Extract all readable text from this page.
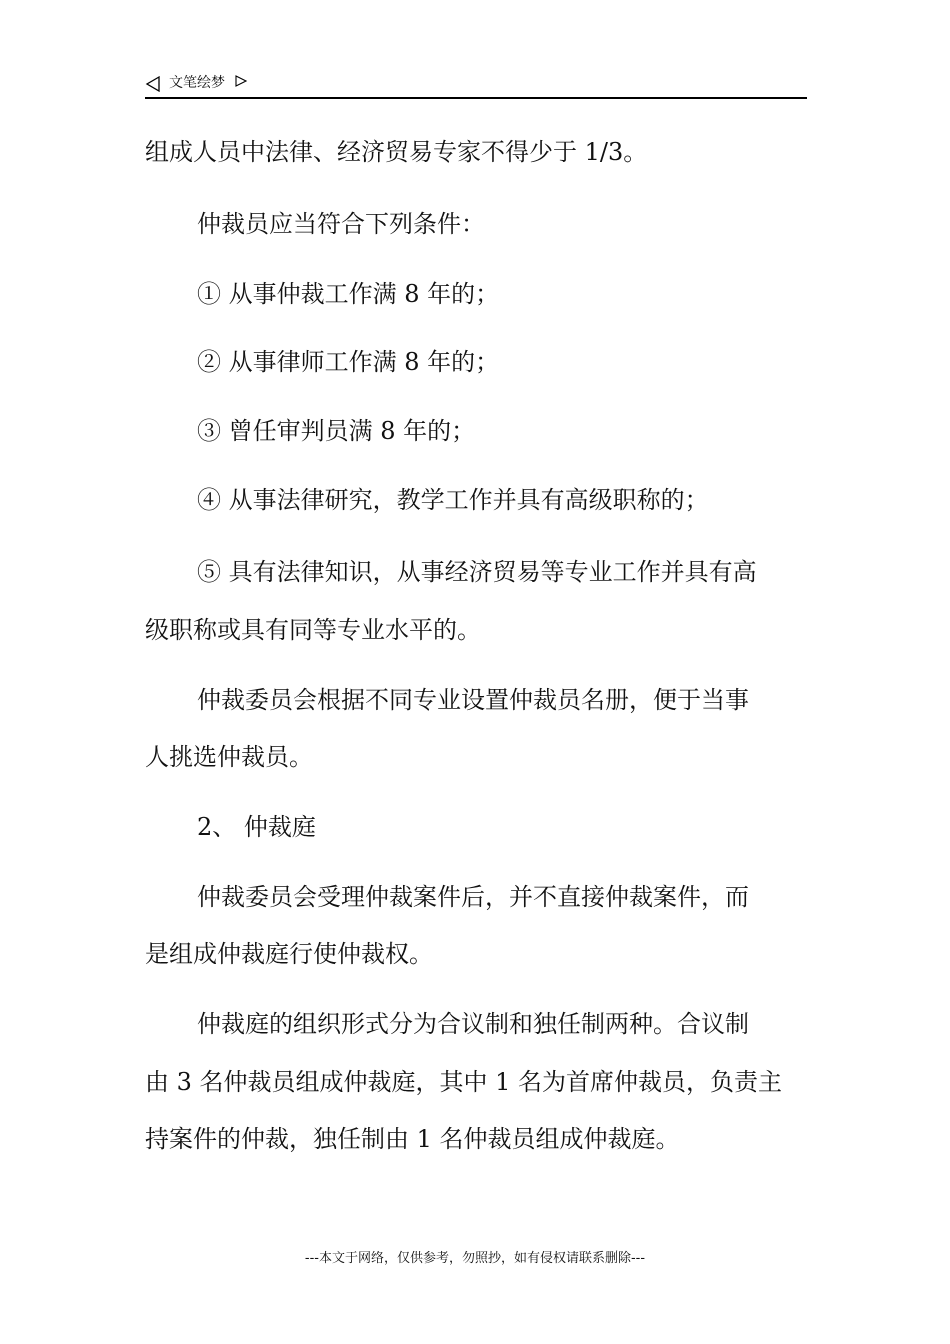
文笔绘梦
组成人员中法律、经济贸易专家不得少于 1/3。
仲裁员应当符合下列条件：
① 从事仲裁工作满 8 年的；
② 从事律师工作满 8 年的；
③ 曾任审判员满 8 年的；
④ 从事法律研究，教学工作并具有高级职称的；
⑤ 具有法律知识，从事经济贸易等专业工作并具有高
级职称或具有同等专业水平的。
仲裁委员会根据不同专业设置仲裁员名册，便于当事
人挑选仲裁员。
2、 仲裁庭
仲裁委员会受理仲裁案件后，并不直接仲裁案件，而
是组成仲裁庭行使仲裁权。
仲裁庭的组织形式分为合议制和独任制两种。合议制
由 3 名仲裁员组成仲裁庭，其中 1 名为首席仲裁员，负责主
持案件的仲裁，独任制由 1 名仲裁员组成仲裁庭。
---本文于网络，仅供参考，勿照抄，如有侵权请联系删除---
